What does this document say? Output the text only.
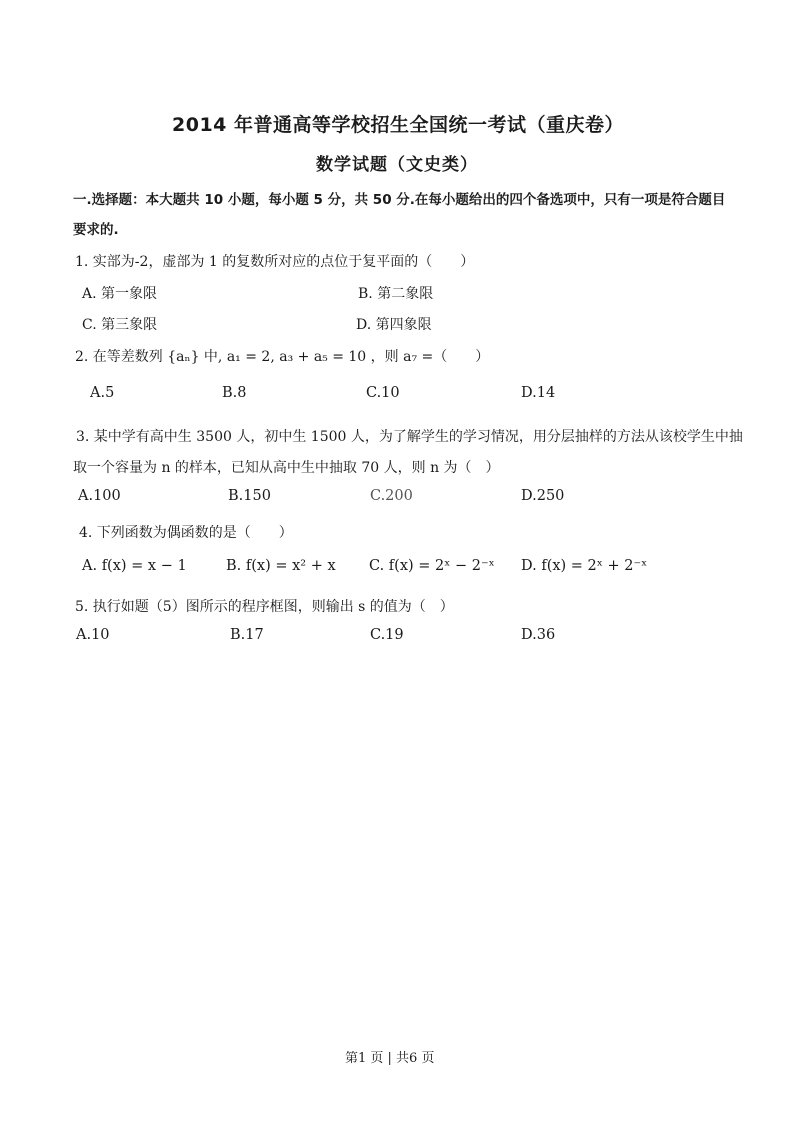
2014 年普通高等学校招生全国统一考试（重庆卷）
数学试题（文史类）
一.选择题：本大题共 10 小题，每小题 5 分，共 50 分.在每小题给出的四个备选项中，只有一项是符合题目
要求的.
1. 实部为-2，虚部为 1 的复数所对应的点位于复平面的（　　）
A. 第一象限	B. 第二象限
C. 第三象限	D. 第四象限
2. 在等差数列 {aₙ} 中, a₁ = 2, a₃ + a₅ = 10 ，则 a₇ =（　　）
A.5	B.8	C.10	D.14
3. 某中学有高中生 3500 人，初中生 1500 人，为了解学生的学习情况，用分层抽样的方法从该校学生中抽
取一个容量为 n 的样本，已知从高中生中抽取 70 人，则 n 为（　）
A.100	B.150	C.200	D.250
4. 下列函数为偶函数的是（　　）
A. f(x) = x − 1	B. f(x) = x² + x C. f(x) = 2ˣ − 2⁻ˣ D. f(x) = 2ˣ + 2⁻ˣ
5. 执行如题（5）图所示的程序框图，则输出 s 的值为（　）
A.10	B.17	C.19	D.36
第1 页 | 共6 页
